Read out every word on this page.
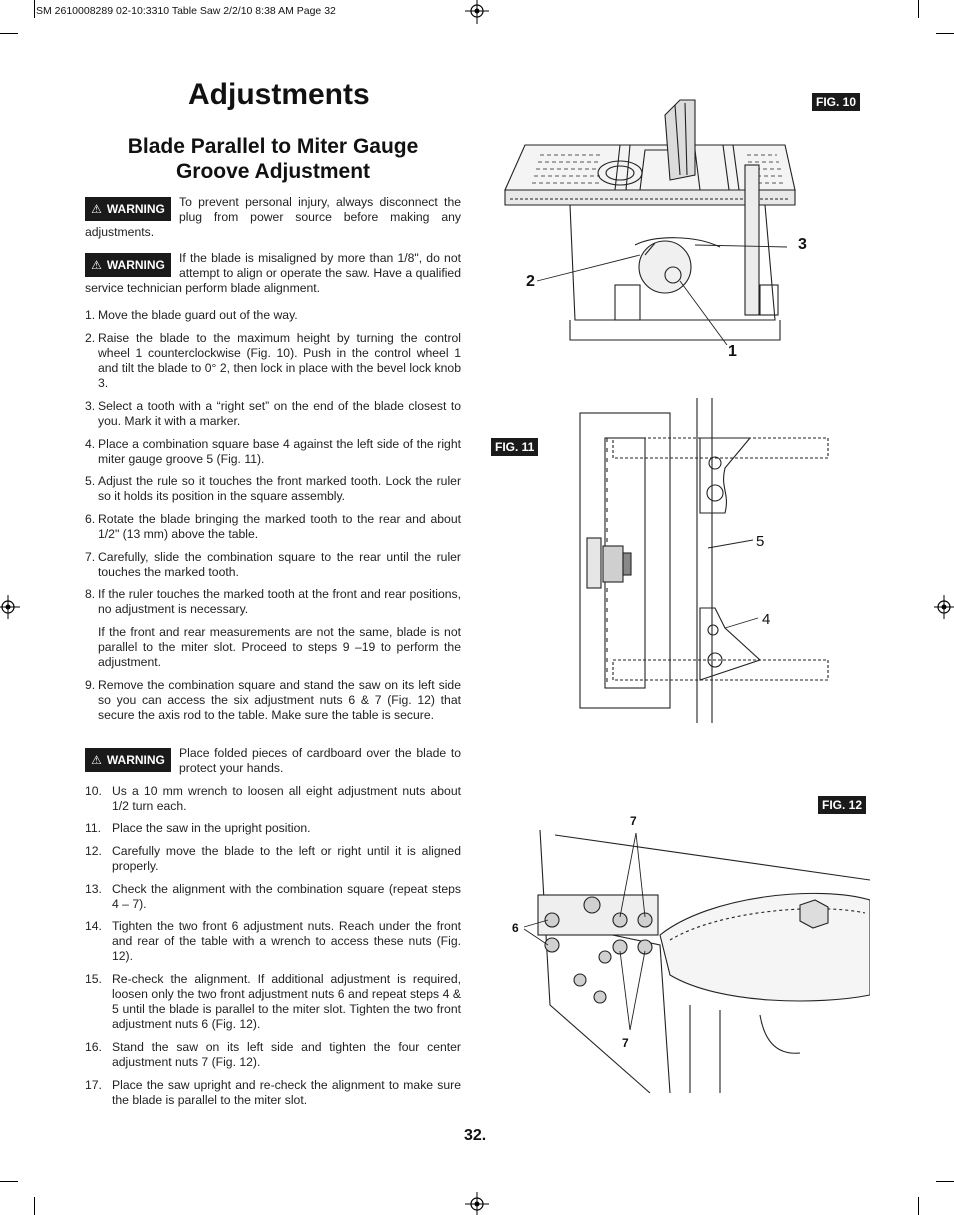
SM 2610008289 02-10:3310 Table Saw 2/2/10 8:38 AM Page 32
Adjustments
Blade Parallel to Miter Gauge
Groove Adjustment
⚠ WARNING	To prevent personal injury, always disconnect the plug from power source before making any adjustments.
⚠ WARNING	If the blade is misaligned by more than 1/8", do not attempt to align or operate the saw. Have a qualified service technician perform blade alignment.
1. Move the blade guard out of the way.
2. Raise the blade to the maximum height by turning the control wheel 1 counterclockwise (Fig. 10). Push in the control wheel 1 and tilt the blade to 0° 2, then lock in place with the bevel lock knob 3.
3. Select a tooth with a “right set” on the end of the blade closest to you. Mark it with a marker.
4. Place a combination square base 4 against the left side of the right miter gauge groove 5 (Fig. 11).
5. Adjust the rule so it touches the front marked tooth. Lock the ruler so it holds its position in the square assembly.
6. Rotate the blade bringing the marked tooth to the rear and about 1/2" (13 mm) above the table.
7. Carefully, slide the combination square to the rear until the ruler touches the marked tooth.
8. If the ruler touches the marked tooth at the front and rear positions, no adjustment is necessary.
If the front and rear measurements are not the same, blade is not parallel to the miter slot. Proceed to steps 9 –19 to perform the adjustment.
9. Remove the combination square and stand the saw on its left side so you can access the six adjustment nuts 6 & 7 (Fig. 12) that secure the axis rod to the table. Make sure the table is secure.
⚠ WARNING	Place folded pieces of cardboard over the blade to protect your hands.
10. Us a 10 mm wrench to loosen all eight adjustment nuts about 1/2 turn each.
11. Place the saw in the upright position.
12. Carefully move the blade to the left or right until it is aligned properly.
13. Check the alignment with the combination square (repeat steps 4 – 7).
14. Tighten the two front 6 adjustment nuts. Reach under the front and rear of the table with a wrench to access these nuts (Fig. 12).
15. Re-check the alignment. If additional adjustment is required, loosen only the two front adjustment nuts 6 and repeat steps 4 & 5 until the blade is parallel to the miter slot. Tighten the two front adjustment nuts 6 (Fig. 12).
16. Stand the saw on its left side and tighten the four center adjustment nuts 7 (Fig. 12).
17. Place the saw upright and re-check the alignment to make sure the blade is parallel to the miter slot.
FIG. 10
3
2
1
FIG. 11
5
4
FIG. 12
7
6
7
32.
